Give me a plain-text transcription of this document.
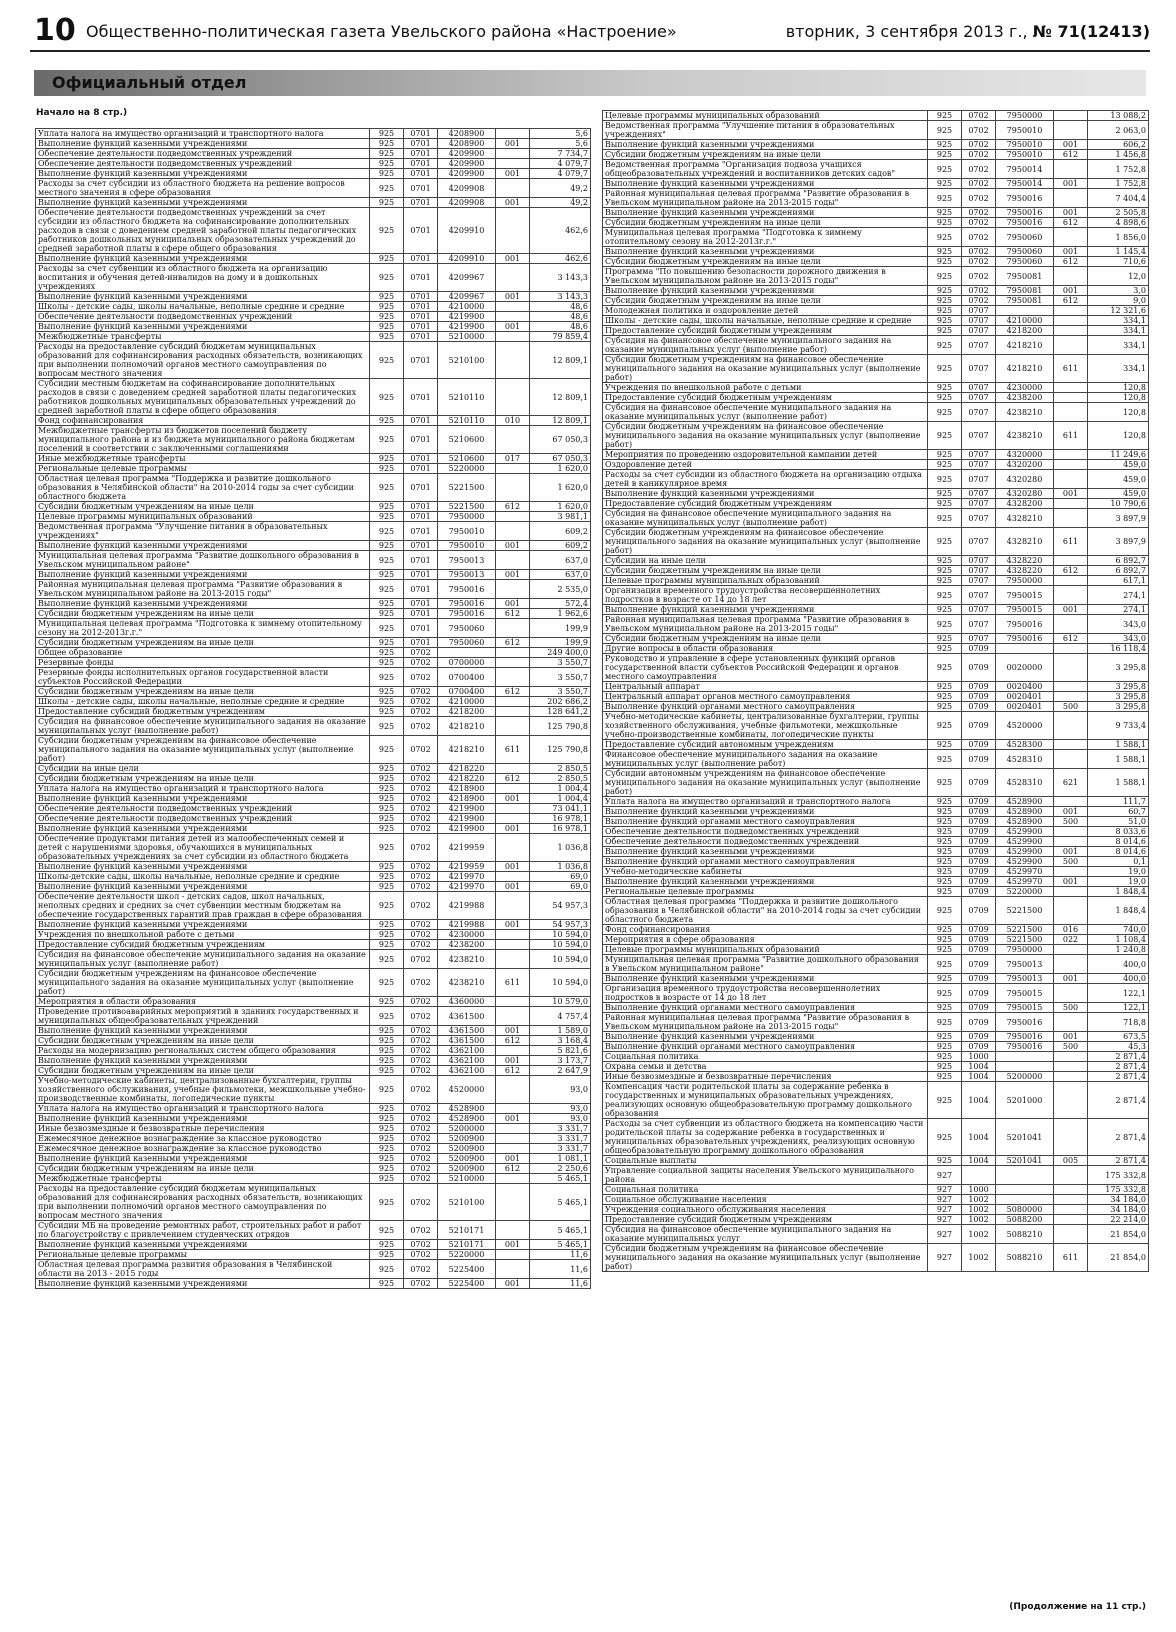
10 Общественно-политическая газета Увельского района «Настроение»	вторник, 3 сентября 2013 г., № 71(12413)
Официальный отдел
Начало на 8 стр.)
Уплата налога на имущество организаций и транспортного налога	925	0701	4208900		5,6
Выполнение функций казенными учреждениями	925	0701	4208900	001	5,6
Обеспечение деятельности подведомственных учреждений	925	0701	4209900		7 734,7
Обеспечение деятельности подведомственных учреждений	925	0701	4209900		4 079,7
Выполнение функций казенными учреждениями	925	0701	4209900	001	4 079,7
Расходы за счет субсидии из областного бюджета на решение вопросов местного значения в сфере образования	925	0701	4209908		49,2
Выполнение функций казенными учреждениями	925	0701	4209908	001	49,2
Обеспечение деятельности подведомственных учреждений за счет субсидии из областного бюджета на софинансирование дополнительных расходов в связи с доведением средней заработной платы педагогических работников дошкольных муниципальных образовательных учреждений до средней заработной платы в сфере общего образования	925	0701	4209910		462,6
Выполнение функций казенными учреждениями	925	0701	4209910	001	462,6
Расходы за счет субвенции из областного бюджета на организацию воспитания и обучения детей-инвалидов на дому и в дошкольных учреждениях	925	0701	4209967		3 143,3
Выполнение функций казенными учреждениями	925	0701	4209967	001	3 143,3
Школы - детские сады, школы начальные, неполные средние и средние	925	0701	4210000		48,6
Обеспечение деятельности подведомственных учреждений	925	0701	4219900		48,6
Выполнение функций казенными учреждениями	925	0701	4219900	001	48,6
Межбюджетные трансферты	925	0701	5210000		79 859,4
Расходы на предоставление субсидий бюджетам муниципальных образований для софинансирования расходных обязательств, возникающих при выполнении полномочий органов местного самоуправления по вопросам местного значения	925	0701	5210100		12 809,1
Субсидии местным бюджетам на софинансирование дополнительных расходов в связи с доведением средней заработной платы педагогических работников дошкольных муниципальных образовательных учреждений до средней заработной платы в сфере общего образования	925	0701	5210110		12 809,1
Фонд софинансирования	925	0701	5210110	010	12 809,1
Межбюджетные трансферты из бюджетов поселений бюджету муниципального района и из бюджета муниципального района бюджетам поселений в соответствии с заключенными соглашениями	925	0701	5210600		67 050,3
Иные межбюджетные трансферты	925	0701	5210600	017	67 050,3
Региональные целевые программы	925	0701	5220000		1 620,0
Областная целевая программа "Поддержка и развитие дошкольного образования в Челябинской области" на 2010-2014 годы за счет субсидии областного бюджета	925	0701	5221500		1 620,0
Субсидии бюджетным учреждениям на иные цели	925	0701	5221500	612	1 620,0
Целевые программы муниципальных образований	925	0701	7950000		3 981,1
Ведомственная программа "Улучшение питания в образовательных учреждениях"	925	0701	7950010		609,2
Выполнение функций казенными учреждениями	925	0701	7950010	001	609,2
Муниципальная целевая программа "Развитие дошкольного образования в Увельском муниципальном районе"	925	0701	7950013		637,0
Выполнение функций казенными учреждениями	925	0701	7950013	001	637,0
Районная муниципальная целевая программа "Развитие образования в Увельском муниципальном районе на 2013-2015 годы"	925	0701	7950016		2 535,0
Выполнение функций казенными учреждениями	925	0701	7950016	001	572,4
Субсидии бюджетным учреждениям на иные цели	925	0701	7950016	612	1 962,6
Муниципальная целевая программа "Подготовка к зимнему отопительному сезону на 2012-2013г.г."	925	0701	7950060		199,9
Субсидии бюджетным учреждениям на иные цели	925	0701	7950060	612	199,9
Общее образование	925	0702			249 400,0
Резервные фонды	925	0702	0700000		3 550,7
Резервные фонды исполнительных органов государственной власти субъектов Российской Федерации	925	0702	0700400		3 550,7
Субсидии бюджетным учреждениям на иные цели	925	0702	0700400	612	3 550,7
Школы - детские сады, школы начальные, неполные средние и средние	925	0702	4210000		202 686,2
Предоставление субсидий бюджетным учреждениям	925	0702	4218200		128 641,2
Субсидия на финансовое обеспечение муниципального задания на оказание муниципальных услуг (выполнение работ)	925	0702	4218210		125 790,8
Субсидии бюджетным учреждениям на финансовое обеспечение муниципального задания на оказание муниципальных услуг (выполнение работ)	925	0702	4218210	611	125 790,8
Субсидии на иные цели	925	0702	4218220		2 850,5
Субсидии бюджетным учреждениям на иные цели	925	0702	4218220	612	2 850,5
Уплата налога на имущество организаций и транспортного налога	925	0702	4218900		1 004,4
Выполнение функций казенными учреждениями	925	0702	4218900	001	1 004,4
Обеспечение деятельности подведомственных учреждений	925	0702	4219900		73 041,1
Обеспечение деятельности подведомственных учреждений	925	0702	4219900		16 978,1
Выполнение функций казенными учреждениями	925	0702	4219900	001	16 978,1
Обеспечение продуктами питания детей из малообеспеченных семей и детей с нарушениями здоровья, обучающихся в муниципальных образовательных учреждениях за счет субсидии из областного бюджета	925	0702	4219959		1 036,8
Выполнение функций казенными учреждениями	925	0702	4219959	001	1 036,8
Школы-детские сады, школы начальные, неполные средние и средние	925	0702	4219970		69,0
Выполнение функций казенными учреждениями	925	0702	4219970	001	69,0
Обеспечение деятельности школ - детских садов, школ начальных, неполных средних и средних за счет субвенции местным бюджетам на обеспечение государственных гарантий прав граждан в сфере образования	925	0702	4219988		54 957,3
Выполнение функций казенными учреждениями	925	0702	4219988	001	54 957,3
Учреждения по внешкольной работе с детьми	925	0702	4230000		10 594,0
Предоставление субсидий бюджетным учреждениям	925	0702	4238200		10 594,0
Субсидия на финансовое обеспечение муниципального задания на оказание муниципальных услуг (выполнение работ)	925	0702	4238210		10 594,0
Субсидии бюджетным учреждениям на финансовое обеспечение муниципального задания на оказание муниципальных услуг (выполнение работ)	925	0702	4238210	611	10 594,0
Мероприятия в области образования	925	0702	4360000		10 579,0
Проведение противоаварийных мероприятий в зданиях государственных и муниципальных общеобразовательных учреждений	925	0702	4361500		4 757,4
Выполнение функций казенными учреждениями	925	0702	4361500	001	1 589,0
Субсидии бюджетным учреждениям на иные цели	925	0702	4361500	612	3 168,4
Расходы на модернизацию региональных систем общего образования	925	0702	4362100		5 821,6
Выполнение функций казенными учреждениями	925	0702	4362100	001	3 173,7
Субсидии бюджетным учреждениям на иные цели	925	0702	4362100	612	2 647,9
Учебно-методические кабинеты, централизованные бухгалтерии, группы хозяйственного обслуживания, учебные фильмотеки, межшкольные учебно-производственные комбинаты, логопедические пункты	925	0702	4520000		93,0
Уплата налога на имущество организаций и транспортного налога	925	0702	4528900		93,0
Выполнение функций казенными учреждениями	925	0702	4528900	001	93,0
Иные безвозмездные и безвозвратные перечисления	925	0702	5200000		3 331,7
Ежемесячное денежное вознаграждение за классное руководство	925	0702	5200900		3 331,7
Ежемесячное денежное вознаграждение за классное руководство	925	0702	5200900		3 331,7
Выполнение функций казенными учреждениями	925	0702	5200900	001	1 081,1
Субсидии бюджетным учреждениям на иные цели	925	0702	5200900	612	2 250,6
Межбюджетные трансферты	925	0702	5210000		5 465,1
Расходы на предоставление субсидий бюджетам муниципальных образований для софинансирования расходных обязательств, возникающих при выполнении полномочий органов местного самоуправления по вопросам местного значения	925	0702	5210100		5 465,1
Субсидии МБ на проведение ремонтных работ, строительных работ и работ по благоустройству с привлечением студенческих отрядов	925	0702	5210171		5 465,1
Выполнение функций казенными учреждениями	925	0702	5210171	001	5 465,1
Региональные целевые программы	925	0702	5220000		11,6
Областная целевая программа развития образования в Челябинской области на 2013 - 2015 годы	925	0702	5225400		11,6
Выполнение функций казенными учреждениями	925	0702	5225400	001	11,6
Целевые программы муниципальных образований	925	0702	7950000		13 088,2
Ведомственная программа "Улучшение питания в образовательных учреждениях"	925	0702	7950010		2 063,0
Выполнение функций казенными учреждениями	925	0702	7950010	001	606,2
Субсидии бюджетным учреждениям на иные цели	925	0702	7950010	612	1 456,8
Ведомственная программа "Организация подвоза учащихся общеобразовательных учреждений и воспитанников детских садов"	925	0702	7950014		1 752,8
Выполнение функций казенными учреждениями	925	0702	7950014	001	1 752,8
Районная муниципальная целевая программа "Развитие образования в Увельском муниципальном районе на 2013-2015 годы"	925	0702	7950016		7 404,4
Выполнение функций казенными учреждениями	925	0702	7950016	001	2 505,8
Субсидии бюджетным учреждениям на иные цели	925	0702	7950016	612	4 898,6
Муниципальная целевая программа "Подготовка к зимнему отопительному сезону на 2012-2013г.г."	925	0702	7950060		1 856,0
Выполнение функций казенными учреждениями	925	0702	7950060	001	1 145,4
Субсидии бюджетным учреждениям на иные цели	925	0702	7950060	612	710,6
Программа "По повышению безопасности дорожного движения в Увельском муниципальном районе на 2013-2015 годы"	925	0702	7950081		12,0
Выполнение функций казенными учреждениями	925	0702	7950081	001	3,0
Субсидии бюджетным учреждениям на иные цели	925	0702	7950081	612	9,0
Молодежная политика и оздоровление детей	925	0707			12 321,6
Школы - детские сады, школы начальные, неполные средние и средние	925	0707	4210000		334,1
Предоставление субсидий бюджетным учреждениям	925	0707	4218200		334,1
Субсидия на финансовое обеспечение муниципального задания на оказание муниципальных услуг (выполнение работ)	925	0707	4218210		334,1
Субсидии бюджетным учреждениям на финансовое обеспечение муниципального задания на оказание муниципальных услуг (выполнение работ)	925	0707	4218210	611	334,1
Учреждения по внешкольной работе с детьми	925	0707	4230000		120,8
Предоставление субсидий бюджетным учреждениям	925	0707	4238200		120,8
Субсидия на финансовое обеспечение муниципального задания на оказание муниципальных услуг (выполнение работ)	925	0707	4238210		120,8
Субсидии бюджетным учреждениям на финансовое обеспечение муниципального задания на оказание муниципальных услуг (выполнение работ)	925	0707	4238210	611	120,8
Мероприятия по проведению оздоровительной кампании детей	925	0707	4320000		11 249,6
Оздоровление детей	925	0707	4320200		459,0
Расходы за счет субсидии из областного бюджета на организацию отдыха детей в каникулярное время	925	0707	4320280		459,0
Выполнение функций казенными учреждениями	925	0707	4320280	001	459,0
Предоставление субсидий бюджетным учреждениям	925	0707	4328200		10 790,6
Субсидия на финансовое обеспечение муниципального задания на оказание муниципальных услуг (выполнение работ)	925	0707	4328210		3 897,9
Субсидии бюджетным учреждениям на финансовое обеспечение муниципального задания на оказание муниципальных услуг (выполнение работ)	925	0707	4328210	611	3 897,9
Субсидии на иные цели	925	0707	4328220		6 892,7
Субсидии бюджетным учреждениям на иные цели	925	0707	4328220	612	6 892,7
Целевые программы муниципальных образований	925	0707	7950000		617,1
Организация временного трудоустройства несовершеннолетних подростков в возрасте от 14 до 18 лет	925	0707	7950015		274,1
Выполнение функций казенными учреждениями	925	0707	7950015	001	274,1
Районная муниципальная целевая программа "Развитие образования в Увельском муниципальном районе на 2013-2015 годы"	925	0707	7950016		343,0
Субсидии бюджетным учреждениям на иные цели	925	0707	7950016	612	343,0
Другие вопросы в области образования	925	0709			16 118,4
Руководство и управление в сфере установленных функций органов государственной власти субъектов Российской Федерации и органов местного самоуправления	925	0709	0020000		3 295,8
Центральный аппарат	925	0709	0020400		3 295,8
Центральный аппарат органов местного самоуправления	925	0709	0020401		3 295,8
Выполнение функций органами местного самоуправления	925	0709	0020401	500	3 295,8
Учебно-методические кабинеты, централизованные бухгалтерии, группы хозяйственного обслуживания, учебные фильмотеки, межшкольные учебно-производственные комбинаты, логопедические пункты	925	0709	4520000		9 733,4
Предоставление субсидий автономным учреждениям	925	0709	4528300		1 588,1
Финансовое обеспечение муниципального задания на оказание муниципальных услуг (выполнение работ)	925	0709	4528310		1 588,1
Субсидии автономным учреждениям на финансовое обеспечение муниципального задания на оказание муниципальных услуг (выполнение работ)	925	0709	4528310	621	1 588,1
Уплата налога на имущество организаций и транспортного налога	925	0709	4528900		111,7
Выполнение функций казенными учреждениями	925	0709	4528900	001	60,7
Выполнение функций органами местного самоуправления	925	0709	4528900	500	51,0
Обеспечение деятельности подведомственных учреждений	925	0709	4529900		8 033,6
Обеспечение деятельности подведомственных учреждений	925	0709	4529900		8 014,6
Выполнение функций казенными учреждениями	925	0709	4529900	001	8 014,6
Выполнение функций органами местного самоуправления	925	0709	4529900	500	0,1
Учебно-методические кабинеты	925	0709	4529970		19,0
Выполнение функций казенными учреждениями	925	0709	4529970	001	19,0
Региональные целевые программы	925	0709	5220000		1 848,4
Областная целевая программа "Поддержка и развитие дошкольного образования в Челябинской области" на 2010-2014 годы за счет субсидии областного бюджета	925	0709	5221500		1 848,4
Фонд софинансирования	925	0709	5221500	016	740,0
Мероприятия в сфере образования	925	0709	5221500	022	1 108,4
Целевые программы муниципальных образований	925	0709	7950000		1 240,8
Муниципальная целевая программа "Развитие дошкольного образования в Увельском муниципальном районе"	925	0709	7950013		400,0
Выполнение функций казенными учреждениями	925	0709	7950013	001	400,0
Организация временного трудоустройства несовершеннолетних подростков в возрасте от 14 до 18 лет	925	0709	7950015		122,1
Выполнение функций органами местного самоуправления	925	0709	7950015	500	122,1
Районная муниципальная целевая программа "Развитие образования в Увельском муниципальном районе на 2013-2015 годы"	925	0709	7950016		718,8
Выполнение функций казенными учреждениями	925	0709	7950016	001	673,5
Выполнение функций органами местного самоуправления	925	0709	7950016	500	45,3
Социальная политика	925	1000			2 871,4
Охрана семьи и детства	925	1004			2 871,4
Иные безвозмездные и безвозвратные перечисления	925	1004	5200000		2 871,4
Компенсация части родительской платы за содержание ребенка в государственных и муниципальных образовательных учреждениях, реализующих основную общеобразовательную программу дошкольного образования	925	1004	5201000		2 871,4
Расходы за счет субвенции из областного бюджета на компенсацию части родительской платы за содержание ребенка в государственных и муниципальных образовательных учреждениях, реализующих основную общеобразовательную программу дошкольного образования	925	1004	5201041		2 871,4
Социальные выплаты	925	1004	5201041	005	2 871,4
Управление социальной защиты населения Увельского муниципального района	927				175 332,8
Социальная политика	927	1000			175 332,8
Социальное обслуживание населения	927	1002			34 184,0
Учреждения социального обслуживания населения	927	1002	5080000		34 184,0
Предоставление субсидий бюджетным учреждениям	927	1002	5088200		22 214,0
Субсидия на финансовое обеспечение муниципального задания на оказание муниципальных услуг	927	1002	5088210		21 854,0
Субсидии бюджетным учреждениям на финансовое обеспечение муниципального задания на оказание муниципальных услуг (выполнение работ)	927	1002	5088210	611	21 854,0
(Продолжение на 11 стр.)
